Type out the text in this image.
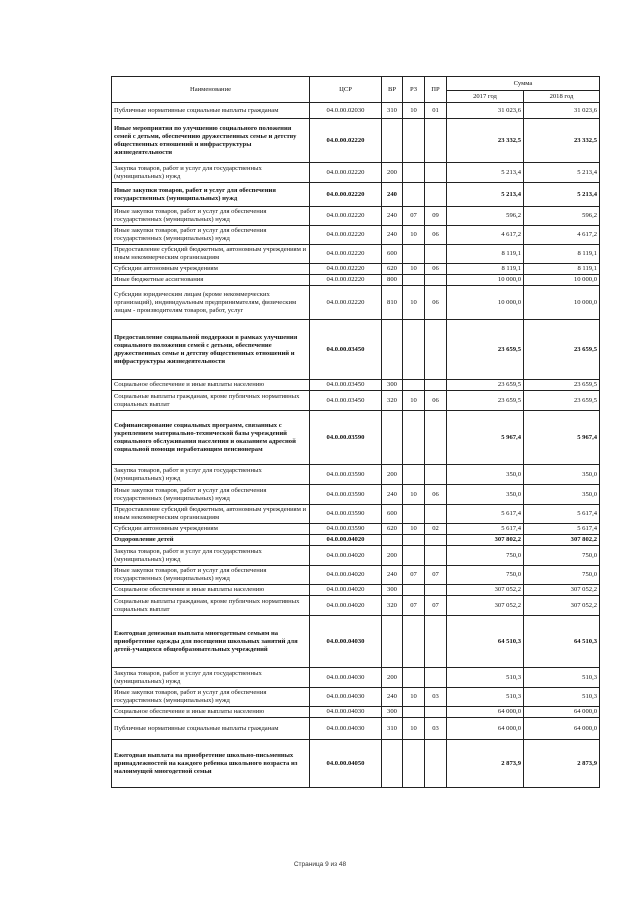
Наименование	ЦСР	ВР	РЗ	ПР	Сумма	
					2017 год	2018 год
Публичные нормативные социальные выплаты гражданам	04.0.00.02030	310	10	01	31 023,6	31 023,6
Иные мероприятия по улучшению социального положения семей с детьми, обеспечению дружественных семье и детству общественных отношений и инфраструктуры жизнедеятельности	04.0.00.02220				23 332,5	23 332,5
Закупка товаров, работ и услуг для государственных (муниципальных) нужд	04.0.00.02220	200			5 213,4	5 213,4
Иные закупки товаров, работ и услуг для обеспечения государственных (муниципальных) нужд	04.0.00.02220	240			5 213,4	5 213,4
Иные закупки товаров, работ и услуг для обеспечения государственных (муниципальных) нужд	04.0.00.02220	240	07	09	596,2	596,2
Иные закупки товаров, работ и услуг для обеспечения государственных (муниципальных) нужд	04.0.00.02220	240	10	06	4 617,2	4 617,2
Предоставление субсидий бюджетным, автономным учреждениям и иным некоммерческим организациям	04.0.00.02220	600			8 119,1	8 119,1
Субсидии автономным учреждениям	04.0.00.02220	620	10	06	8 119,1	8 119,1
Иные бюджетные ассигнования	04.0.00.02220	800			10 000,0	10 000,0
Субсидии юридическим лицам (кроме некоммерческих организаций), индивидуальным предпринимателям, физическим лицам - производителям товаров, работ, услуг	04.0.00.02220	810	10	06	10 000,0	10 000,0
Предоставление социальной поддержки в рамках улучшения социального положения семей с детьми, обеспечение дружественных семье и детству общественных отношений и инфраструктуры жизнедеятельности	04.0.00.03450				23 659,5	23 659,5
Социальное обеспечение и иные выплаты населению	04.0.00.03450	300			23 659,5	23 659,5
Социальные выплаты гражданам, кроме публичных нормативных социальных выплат	04.0.00.03450	320	10	06	23 659,5	23 659,5
Софинансирование социальных программ, связанных с укреплением материально-технической базы учреждений социального обслуживания населения и оказанием адресной социальной помощи неработающим пенсионерам	04.0.00.03590				5 967,4	5 967,4
Закупка товаров, работ и услуг для государственных (муниципальных) нужд	04.0.00.03590	200			350,0	350,0
Иные закупки товаров, работ и услуг для обеспечения государственных (муниципальных) нужд	04.0.00.03590	240	10	06	350,0	350,0
Предоставление субсидий бюджетным, автономным учреждениям и иным некоммерческим организациям	04.0.00.03590	600			5 617,4	5 617,4
Субсидии автономным учреждениям	04.0.00.03590	620	10	02	5 617,4	5 617,4
Оздоровление детей	04.0.00.04020				307 802,2	307 802,2
Закупка товаров, работ и услуг для государственных (муниципальных) нужд	04.0.00.04020	200			750,0	750,0
Иные закупки товаров, работ и услуг для обеспечения государственных (муниципальных) нужд	04.0.00.04020	240	07	07	750,0	750,0
Социальное обеспечение и иные выплаты населению	04.0.00.04020	300			307 052,2	307 052,2
Социальные выплаты гражданам, кроме публичных нормативных социальных выплат	04.0.00.04020	320	07	07	307 052,2	307 052,2
Ежегодная денежная выплата многодетным семьям на приобретение одежды для посещения школьных занятий для детей-учащихся общеобразовательных учреждений	04.0.00.04030				64 510,3	64 510,3
Закупка товаров, работ и услуг для государственных (муниципальных) нужд	04.0.00.04030	200			510,3	510,3
Иные закупки товаров, работ и услуг для обеспечения государственных (муниципальных) нужд	04.0.00.04030	240	10	03	510,3	510,3
Социальное обеспечение и иные выплаты населению	04.0.00.04030	300			64 000,0	64 000,0
Публичные нормативные социальные выплаты гражданам	04.0.00.04030	310	10	03	64 000,0	64 000,0
Ежегодная выплата на приобретение школьно-письменных принадлежностей на каждого ребенка школьного возраста из малоимущей многодетной семьи	04.0.00.04050				2 873,9	2 873,9
Страница 9 из 48
